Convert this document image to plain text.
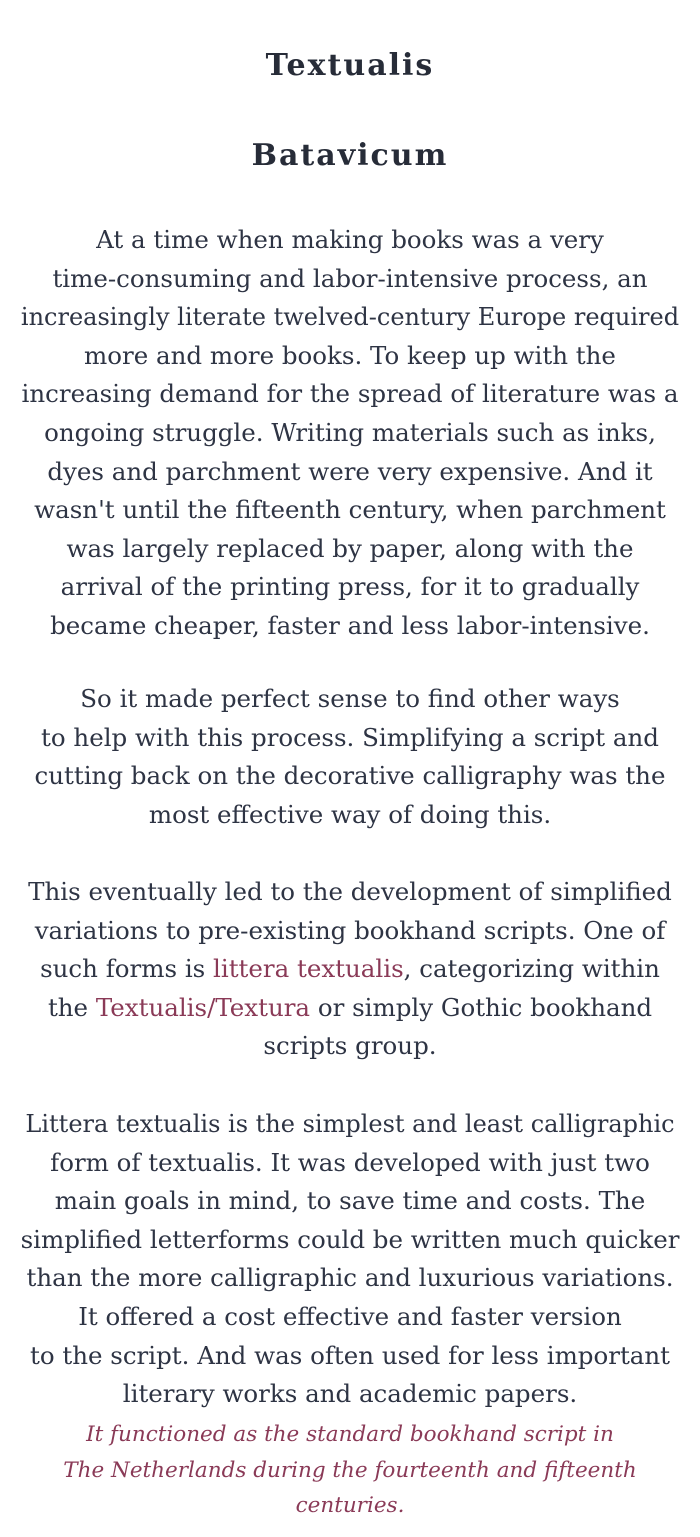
Textualis
Batavicum
At a time when making books was a very
time-consuming and labor-intensive process, an
increasingly literate twelved-century Europe required
more and more books. To keep up with the
increasing demand for the spread of literature was a
ongoing struggle. Writing materials such as inks,
dyes and parchment were very expensive. And it
wasn't until the fifteenth century, when parchment
was largely replaced by paper, along with the
arrival of the printing press, for it to gradually
became cheaper, faster and less labor-intensive.
So it made perfect sense to find other ways
to help with this process. Simplifying a script and
cutting back on the decorative calligraphy was the
most effective way of doing this.
This eventually led to the development of simplified
variations to pre-existing bookhand scripts. One of
such forms is littera textualis, categorizing within
the Textualis/Textura or simply Gothic bookhand
scripts group.
Littera textualis is the simplest and least calligraphic
form of textualis. It was developed with just two
main goals in mind, to save time and costs. The
simplified letterforms could be written much quicker
than the more calligraphic and luxurious variations.
It offered a cost effective and faster version
to the script. And was often used for less important
literary works and academic papers.
It functioned as the standard bookhand script in
The Netherlands during the fourteenth and fifteenth
centuries.
